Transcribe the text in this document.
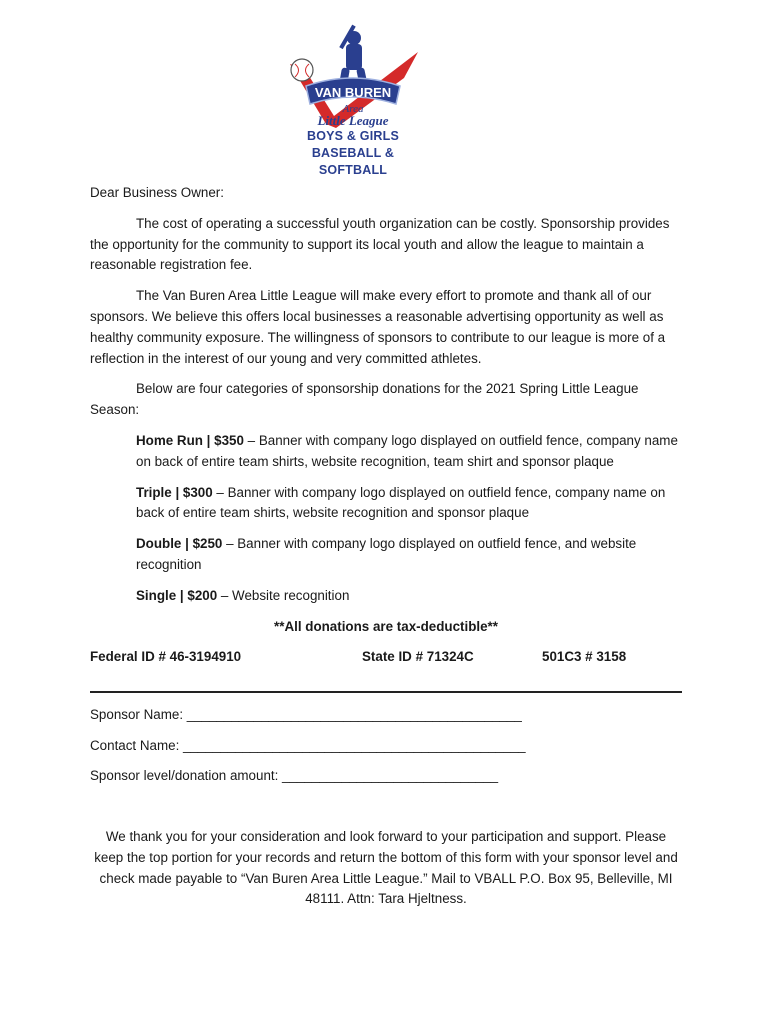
VAN BUREN
Area
Little League
BOYS & GIRLS
BASEBALL & SOFTBALL

Dear Business Owner:

The cost of operating a successful youth organization can be costly. Sponsorship provides the opportunity for the community to support its local youth and allow the league to maintain a reasonable registration fee.

The Van Buren Area Little League will make every effort to promote and thank all of our sponsors. We believe this offers local businesses a reasonable advertising opportunity as well as healthy community exposure. The willingness of sponsors to contribute to our league is more of a reflection in the interest of our young and very committed athletes.

Below are four categories of sponsorship donations for the 2021 Spring Little League Season:

Home Run | $350 – Banner with company logo displayed on outfield fence, company name on back of entire team shirts, website recognition, team shirt and sponsor plaque

Triple | $300 – Banner with company logo displayed on outfield fence, company name on back of entire team shirts, website recognition and sponsor plaque

Double | $250 – Banner with company logo displayed on outfield fence, and website recognition

Single | $200 – Website recognition

**All donations are tax-deductible**

Federal ID # 46-3194910	State ID # 71324C	501C3 # 3158

Sponsor Name: _____________________________________________

Contact Name: ______________________________________________

Sponsor level/donation amount: _____________________________

We thank you for your consideration and look forward to your participation and support. Please keep the top portion for your records and return the bottom of this form with your sponsor level and check made payable to “Van Buren Area Little League.” Mail to VBALL P.O. Box 95, Belleville, MI 48111. Attn: Tara Hjeltness.
